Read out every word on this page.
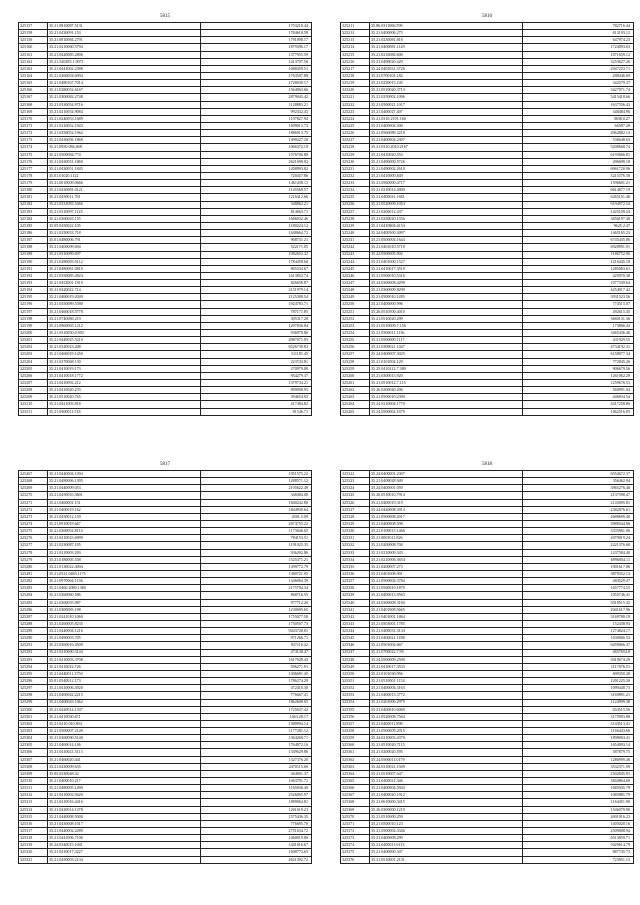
5815
325157	35.21.0810087.5131	1753218.44
325158	35.21.0430091.153	1784610.59
325159	35.21.0810084.2791	1791898.17
325160	35.21.0410060.5794	1879396.17
325161	35.21.0420085.2806	1377955.59
325162	35.21.520285.1.9071	1413707.58
325163	35.21.0441062.2388	1688459.51
325164	35.21.0260054.6094	1763507.88
325165	35.21.0480167.7014	1728039.17
325166	35.21.0280052.6167	1564963.66
325167	35.21.0300082.2748	2879043.42
325168	35.21.0330054.9716	1128883.21
325169	35.21.0210054.9084	992332.43
325170	35.21.0240053.1689	1197827.94
325171	35.21.0210052.1943	1699013.73
325172	35.21.0250052.1962	1886913.75
325173	35.21.0430056.1868	1499227.20
325174	35.21.0950.084.668	1066372.18
325175	35.21.0500084.774	1576706.80
325176	35.21.0430051.1860	2621699.92
325177	35.21.0430051.1845	1208993.82
325178	35.01.01020.1122	720457.86
325179	35.21.0010009.0666	1461458.11
325180	35.21.0430081.0121	1145569.57
325181	35.21.0450011.781	1216412.66
325182	35.21.0331083.5466	348862.21
325183	35.21.0310097.1125	814663.71
325184	35.21.0260043.155	1666032.46
325185	35.05.0450022.105	1180224.12
325186	35.21.0250053.718	1448664.72
325187	35.01.0480006.791	968731.21
325188	35.21.0400009.694	522171.05
325189	35.21.0310089.697	1082652.32
325190	35.21.0280083.9112	1784458.60
325191	35.21.0480081.0810	865334.67
325192	35.21.0350085.4824	1613852.74
325193	35.21.0452001.1810	826658.87
325194	35.21.0420022.714	2151979.14
325195	35.21.0460019.2049	2125308.54
325196	35.21.0350089.5580	1924783.71
325197	35.21.0460018.5778	787171.85
325198	35.21.0740086.219	305317.28
325199	35.21.0960065.1212	1297836.84
325200	35.21.0310050.0.903	936978.86
325201	35.21.0440025.5210	4987071.05
325202	35.21.0320023.208	6526739.83
325203	35.21.0460019.1450	311181.45
325204	35.21.0270068.130	223743.81
325205	35.21.0410019.173	270979.80
325206	35.21.0410018.1772	954279.37
325207	35.21.0410092.212	1379734.21
325208	35.21.0410020.233	890098.95
325209	35.21.0510020.765	394654.83
325210	35.21.0421003.818	417484.82
325211	35.21.0500011.518	81546.71
5816
325211	35.86.0311006.599	782716.44
325212	35.21.0400006.275	613193.12
325213	35.21.0230081.818	647974.23
325214	35.21.0400081.1149	1724093.63
325215	35.21.0216084.600	1071659.12
325216	35.21.0490020.429	3253627.26
325217	35.24.0401031.3726	2947253.71
325218	35.21.0700101.182	298446.69
325219	35.21.0250015.105	342579.37
325220	35.21.0510020.3713	3427971.74
325221	35.21.0250002.1096	5415418.66
325222	35.21.0500021.1017	1637556.43
325223	35.21.0400027.407	348484.96
325224	35.21.0310.2191.160	3838.0.27
325225	35.21.0400004.300	66597.28
325226	35.21.0560089.3218	2062882.14
325227	35.21.0400004.2307	536648.63
325228	35.21.0310.2010.2167	5208668.74
325229	35.21.0410020.553	6193666.81
325230	35.21.0490000.5726	296698.18
325231	35.21.0490002.2610	6961720.96
325232	35.21.0410000.849	5215376.58
325233	35.21.0560000.4717	1596601.21
325234	35.21.0210014.4000	6614677.19
325235	35.21.0400041.1681	6265101.46
325236	35.21.0520009.1054	6194972.54
325237	35.21.0200012.437	1425109.24
325238	35.21.0250020.1556	3656197.40
325239	35.21.0410804.6154	9625.2.47
325240	35.24.0400500.3097	1465165.23
325241	35.21.0500004.1644	6745435.06
325242	35.21.0401010.5710	6928991.91
325243	35.22.0500005.902	1186752.96
325244	35.21.0401000.1527	1216445.18
325245	35.21.0410017.3519	1285063.61
325246	35.21.0500010.5316	425970.38
325247	35.24.0300008.4299	1077339.64
325248	35.21.0300009.8299	4254917.42
325249	35.21.0500010.1285	3931523.56
325250	35.21.0400000.996	774515.07
325251	35.26.0510500.4010	492615.45
325252	35.21.0510020.299	3660131.36
325253	35.21.0510009.7.156	173866.43
325254	35.21.0300011.1136	3465436.46
325255	35.21.0500000.1117	431929.55
325256	35.21.0300021.1047	4734192.31
325257	35.24.0400007.3025	6158077.34
325258	35.21.0101004.129	772845.26
325259	35.25.0410212.7.380	906679.56
325260	35.21.0300013.920	1261062.29
325261	35.21.0510012.7.115	1259676.53
325262	35.26.0200040.206	568991.04
325263	35.21.0500010.2390	446834.54
325264	35.24.0210004.1770	4417258.86
325265	35.24.0500002.1679	1062516.05
5817
325267	35.21.0440004.1394	1951575.22
325268	35.21.0480006.1395	1288571.12
325269	35.21.0440009.053	2105622.49
325270	35.21.0450010.3601	348484.08
325271	35.21.0460001.151	1840242.80
325272	35.21.0400019.162	1844930.64
325273	35.21.0450012.159	4501.5.09
325274	35.21.0910019.667	2674755.22
325275	35.21.0260054.8114	1173646.65
325276	35.21.0410023.6999	784153.51
325277	35.21.0230087.195	1191025.35
325278	35.21.0210003.293	936202.86
325279	35.21.0180005.558	1525371.21
325280	35.21.0130022.4004	1399772.79
325281	35.21.0521.0483.1175	1380721.05
325282	35.21.0970064.1136	1346064.39
325283	35.21.0460.2080.1360	2175794.34
325284	35.21.0260060.586	868716.55
325285	35.21.0260035.987	977712.26
325286	35.21.0300083.198	1230695.65
325287	35.21.0241010.1060	1755077.58
325288	35.21.0260005.8235	1750507.73
325289	35.21.0440004.1216	9443728.81
325290	35.21.0490003.705	971266.71
325291	35.21.0260016.4500	937116.42
325292	35.21.0410000.3144	474138.47
325293	35.21.0410003.3708	1617028.43
325294	35.21.0410022.726	596271.91
325295	35.21.0440011.3750	1306691.45
325296	35.01.0540012.173	1786274.29
325297	35.21.0410006.4920	472410.30
325298	35.21.0400042.2215	776667.41
325299	35.21.0400043.1062	1862608.65
325300	35.21.0420014.1337	1725637.42
325301	35.21.0410030.671	1463.20.17
325302	35.21.0410.010.804	1389994.14
325303	35.21.0500007.2149	1177281.12
325304	35.21.0260090.5140	1364268.71
325305	35.21.0400014.146	1764972.16
325306	35.21.0410021.5113	1349629.80
325307	35.21.0460020.441	1327376.20
325308	35.21.0430009.635	2470115.60
325309	35.05.0330048.32	364901.37
325310	35.21.0400010.217	1463791.71
325311	35.21.0480005.1490	1165836.40
325312	35.21.0410002.9420	2526065.97
325313	35.21.0410016.4416	1889064.81
325314	35.21.0420014.1378	1261619.23
325315	35.21.0440008.5000	1575436.35
325316	35.21.0430008.1017	776695.70
325317	35.21.0440002.2289	2751634.72
325318	35.21.0441006.7106	1460019.80
325319	35.24.0340015.1041	1441016.67
325320	35.21.0410017.3227	1698773.65
325321	35.21.0450003.2134	4621392.72
5818
325322	35.24.0400001.2307	6554672.37
325323	35.21.0400028.949	356462.94
325324	35.24.0400001.059	3965276.46
325325	35.26.0510010.7914	2137598.47
325326	35.21.0400019.319	2143095.81
325327	35.24.0420008.3914	2382876.61
325328	35.21.0500008.2017	2688699.40
325329	35.21.0400008.598	3988344.96
325330	35.21.0100013.1466	3335961.06
325331	35.21.0001011.826	2079019.24
325332	35.21.0200008.704	2221376.60
325333	35.21.0210009.343	1237584.40
325334	35.21.0210006.3654	6996854.11
325335	35.21.0200007.273	1901617.06
325336	35.21.0401008.901	3878352.13
325337	35.21.0500004.3784	484529.47
325338	35.21.0560010.1870	1657774.55
325339	35.21.0400013.9563	1055746.41
325340	35.24.0300008.3160	5018515.45
325341	35.21.0401008.5665	2041617.96
325342	35.21.0401001.1864	3169780.19
325343	35.21.0503001.1785	152438.93
325344	35.21.0400031.3134	1274824.17
325345	35.21.0400021.1188	1630066.53
325346	35.21.0501004.667	6459066.37
325347	35.21.0700022.7.95	4657654.8
325348	35.24.0500009.2590	3019674.29
325349	35.21.0410017.3533	1117076.51
325350	35.21.0101030.956	699350.28
325351	35.21.0510001.1154	1291225.20
325352	35.21.0400004.3163	1099440.73
325353	35.21.0400013.3772	3169891.21
325354	35.21.0201000.2979	1124999.38
325355	35.21.0400010.6069	654515.56
325356	35.21.0520008.7564	3175993.88
325357	35.21.0400011.898	3144513.41
325358	35.21.0500009.2015	1166443.66
325359	35.24.0210003.4370	1898063.41
325360	35.21.0510020.7115	1654093.14
325361	35.21.0200020.595	587879.75
325362	35.24.0500011.0179	1286999.46
325363	35.24.0310021.1949	3532371.99
325364	35.21.0510007.647	2502845.91
325365	35.21.0400021.346	3844864.60
325366	35.21.0400004.5943	1685945.79
325367	35.21.0400020.1912	1085881.79
325368	35.21.0610000.3415	1164451.90
325369	35.26.0300000.1219	1546079.90
325370	35.21.0510000.259	2691916.23
325371	35.21.0500010.123	1405020.16
325372	35.21.0500004.3346	2509008.94
325373	35.21.0400008.299	6513859.71
325374	35.21.0400011.6113	5029614.79
325375	35.21.0400000.347	887745.73
325376	35.21.0510001.2131	723951.15
